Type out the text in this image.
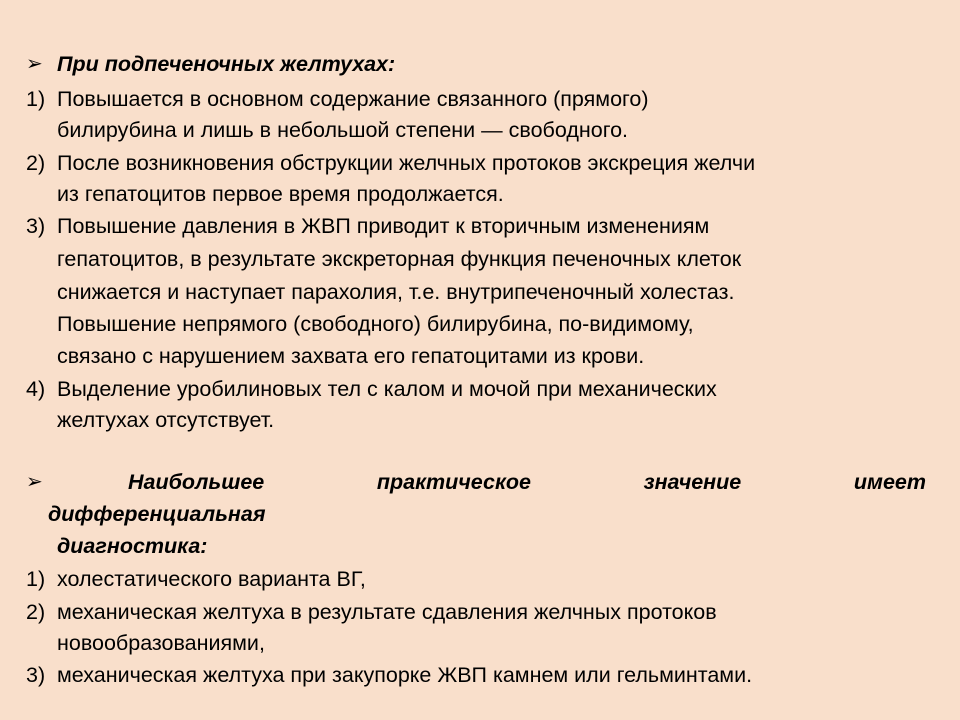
➢ При подпеченочных желтухах:
1) Повышается в основном содержание связанного (прямого)
билирубина и лишь в небольшой степени — свободного.
2) После возникновения обструкции желчных протоков экскреция желчи
из гепатоцитов первое время продолжается.
3) Повышение давления в ЖВП приводит к вторичным изменениям
гепатоцитов, в результате экскреторная функция печеночных клеток
снижается и наступает парахолия, т.е. внутрипеченочный холестаз.
Повышение непрямого (свободного) билирубина, по-видимому,
связано с нарушением захвата его гепатоцитами из крови.
4) Выделение уробилиновых тел с калом и мочой при механических
желтухах отсутствует.
➢	Наибольшее	практическое	значение	имеет
дифференциальная
диагностика:
1) холестатического варианта ВГ,
2) механическая желтуха в результате сдавления желчных протоков
новообразованиями,
3) механическая желтуха при закупорке ЖВП камнем или гельминтами.
